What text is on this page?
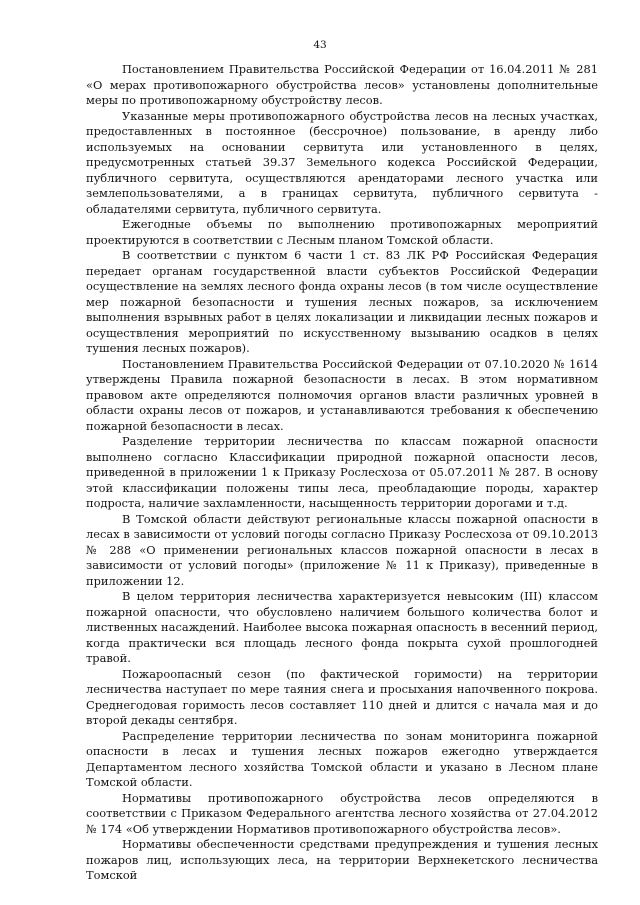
43

Постановлением Правительства Российской Федерации от 16.04.2011 № 281 «О мерах противопожарного обустройства лесов» установлены дополнительные меры по противопожарному обустройству лесов.

Указанные меры противопожарного обустройства лесов на лесных участках, предоставленных в постоянное (бессрочное) пользование, в аренду либо используемых на основании сервитута или установленного в целях, предусмотренных статьей 39.37 Земельного кодекса Российской Федерации, публичного сервитута, осуществляются арендаторами лесного участка или землепользователями, а в границах сервитута, публичного сервитута - обладателями сервитута, публичного сервитута.

Ежегодные объемы по выполнению противопожарных мероприятий проектируются в соответствии с Лесным планом Томской области.

В соответствии с пунктом 6 части 1 ст. 83 ЛК РФ Российская Федерация передает органам государственной власти субъектов Российской Федерации осуществление на землях лесного фонда охраны лесов (в том числе осуществление мер пожарной безопасности и тушения лесных пожаров, за исключением выполнения взрывных работ в целях локализации и ликвидации лесных пожаров и осуществления мероприятий по искусственному вызыванию осадков в целях тушения лесных пожаров).

Постановлением Правительства Российской Федерации от 07.10.2020 № 1614 утверждены Правила пожарной безопасности в лесах. В этом нормативном правовом акте определяются полномочия органов власти различных уровней в области охраны лесов от пожаров, и устанавливаются требования к обеспечению пожарной безопасности в лесах.

Разделение территории лесничества по классам пожарной опасности выполнено согласно Классификации природной пожарной опасности лесов, приведенной в приложении 1 к Приказу Рослесхоза от 05.07.2011 № 287. В основу этой классификации положены типы леса, преобладающие породы, характер подроста, наличие захламленности, насыщенность территории дорогами и т.д.

В Томской области действуют региональные классы пожарной опасности в лесах в зависимости от условий погоды согласно Приказу Рослесхоза от 09.10.2013 № 288 «О применении региональных классов пожарной опасности в лесах в зависимости от условий погоды» (приложение № 11 к Приказу), приведенные в приложении 12.

В целом территория лесничества характеризуется невысоким (III) классом пожарной опасности, что обусловлено наличием большого количества болот и лиственных насаждений. Наиболее высока пожарная опасность в весенний период, когда практически вся площадь лесного фонда покрыта сухой прошлогодней травой.

Пожароопасный сезон (по фактической горимости) на территории лесничества наступает по мере таяния снега и просыхания напочвенного покрова. Среднегодовая горимость лесов составляет 110 дней и длится с начала мая и до второй декады сентября.

Распределение территории лесничества по зонам мониторинга пожарной опасности в лесах и тушения лесных пожаров ежегодно утверждается Департаментом лесного хозяйства Томской области и указано в Лесном плане Томской области.

Нормативы противопожарного обустройства лесов определяются в соответствии с Приказом Федерального агентства лесного хозяйства от 27.04.2012 № 174 «Об утверждении Нормативов противопожарного обустройства лесов».

Нормативы обеспеченности средствами предупреждения и тушения лесных пожаров лиц, использующих леса, на территории Верхнекетского лесничества Томской
